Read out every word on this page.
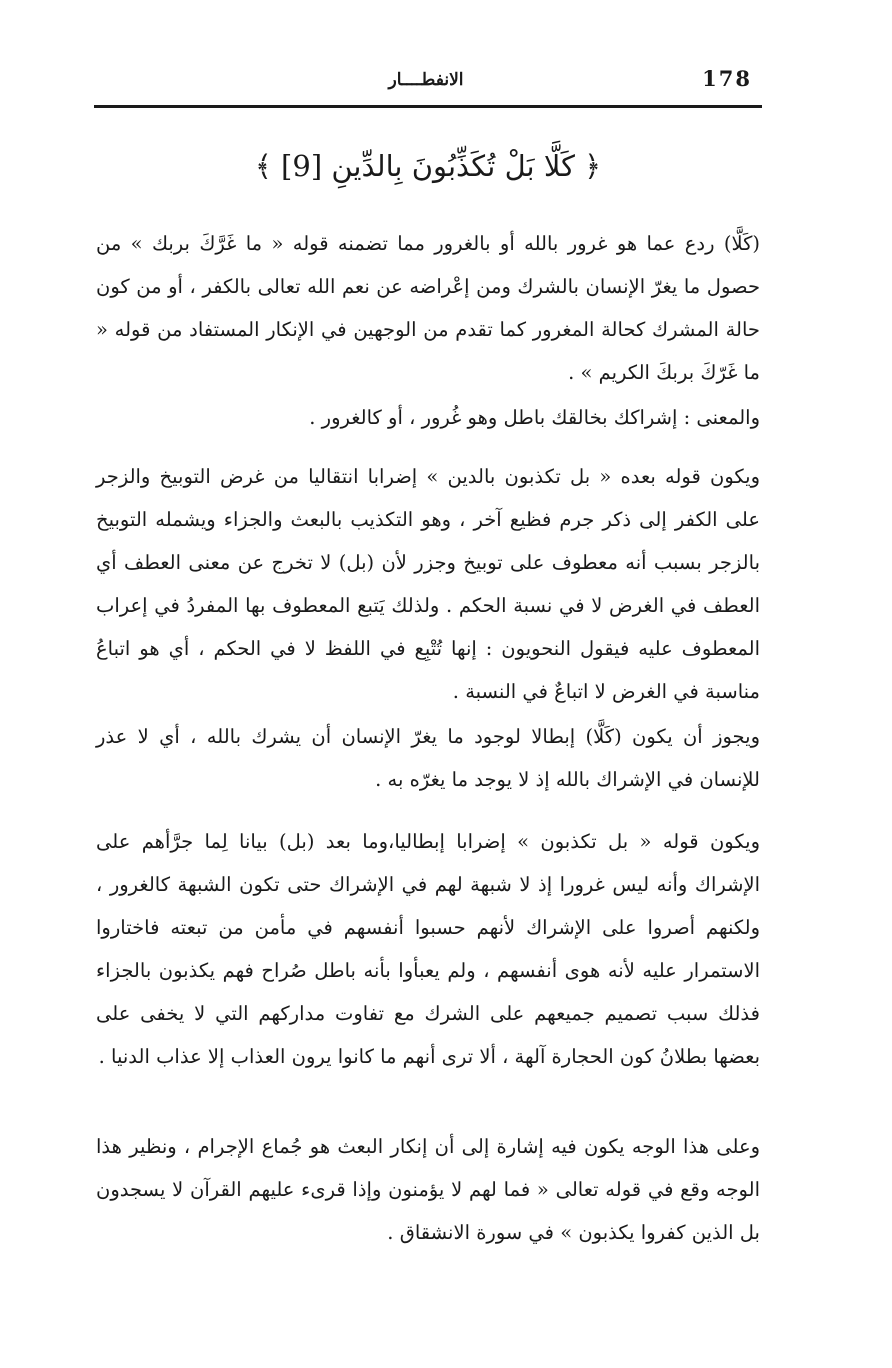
178
الانفطــــار
﴿ كَلَّا بَلْ تُكَذِّبُونَ بِالدِّينِ [9] ﴾

(كَلَّا) ردع عما هو غرور بالله أو بالغرور مما تضمنه قوله « ما غَرَّكَ بربك » من حصول ما يغرّ الإنسان بالشرك ومن إعْراضه عن نعم الله تعالى بالكفر ، أو من كون حالة المشرك كحالة المغرور كما تقدم من الوجهين في الإنكار المستفاد من قوله « ما غَرّكَ بربكَ الكريم » .

والمعنى : إشراكك بخالقك باطل وهو غُرور ، أو كالغرور .

ويكون قوله بعده « بل تكذبون بالدين » إضرابا انتقاليا من غرض التوبيخ والزجر على الكفر إلى ذكر جرم فظيع آخر ، وهو التكذيب بالبعث والجزاء ويشمله التوبيخ بالزجر بسبب أنه معطوف على توبيخ وجزر لأن (بل) لا تخرج عن معنى العطف أي العطف في الغرض لا في نسبة الحكم . ولذلك يَتبع المعطوف بها المفردُ في إعراب المعطوف عليه فيقول النحويون : إنها تُتْبِع في اللفظ لا في الحكم ، أي هو اتباعُ مناسبة في الغرض لا اتباعٌ في النسبة .

ويجوز أن يكون (كَلَّا) إبطالا لوجود ما يغرّ الإنسان أن يشرك بالله ، أي لا عذر للإنسان في الإشراك بالله إذ لا يوجد ما يغرّه به .

ويكون قوله « بل تكذبون » إضرابا إبطاليا،وما بعد (بل) بيانا لِما جرَّأهم على الإشراك وأنه ليس غرورا إذ لا شبهة لهم في الإشراك حتى تكون الشبهة كالغرور ، ولكنهم أصروا على الإشراك لأنهم حسبوا أنفسهم في مأمن من تبعته فاختاروا الاستمرار عليه لأنه هوى أنفسهم ، ولم يعبأوا بأنه باطل صُراح فهم يكذبون بالجزاء فذلك سبب تصميم جميعهم على الشرك مع تفاوت مداركهم التي لا يخفى على بعضها بطلانُ كون الحجارة آلهة ، ألا ترى أنهم ما كانوا يرون العذاب إلا عذاب الدنيا .

وعلى هذا الوجه يكون فيه إشارة إلى أن إنكار البعث هو جُماع الإجرام ، ونظير هذا الوجه وقع في قوله تعالى « فما لهم لا يؤمنون وإذا قرىء عليهم القرآن لا يسجدون بل الذين كفروا يكذبون » في سورة الانشقاق .
